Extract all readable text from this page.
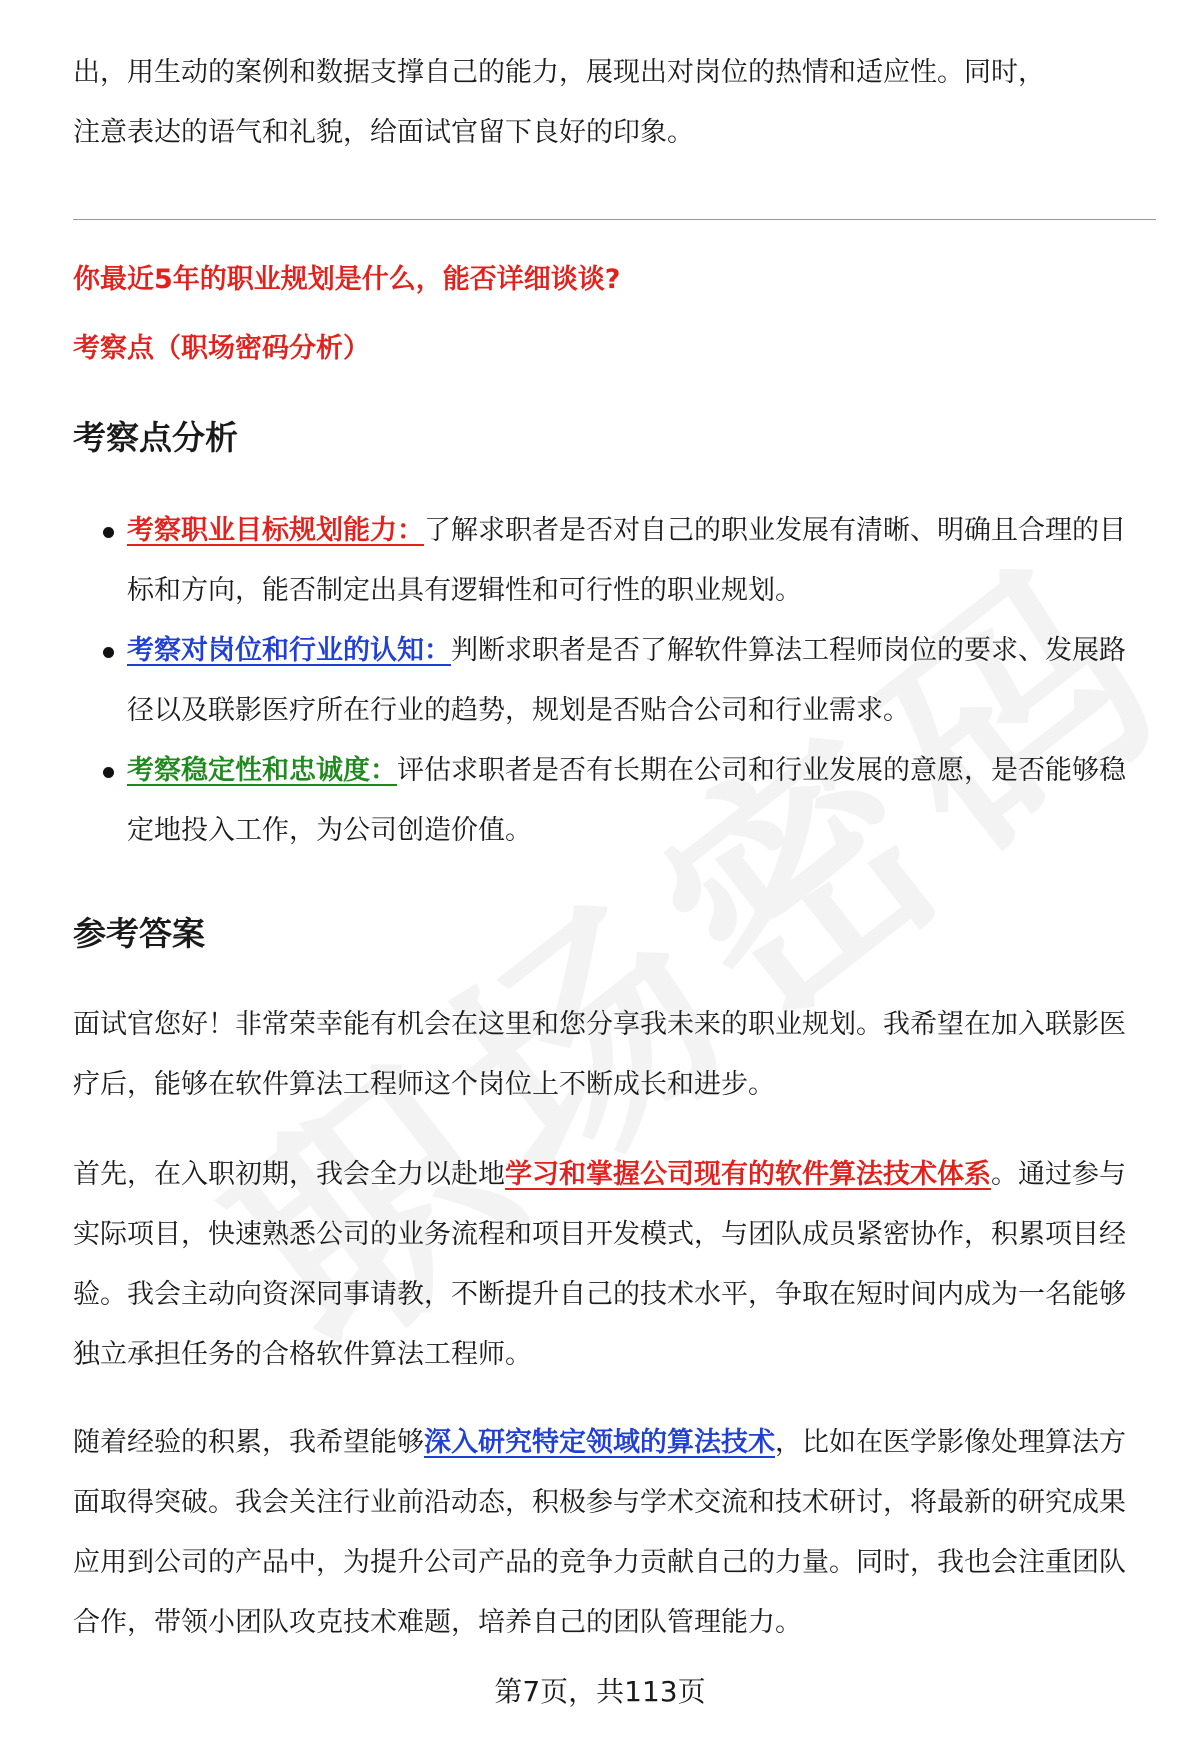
出，用生动的案例和数据支撑自己的能力，展现出对岗位的热情和适应性。同时，
注意表达的语气和礼貌，给面试官留下良好的印象。

你最近5年的职业规划是什么，能否详细谈谈?

考察点（职场密码分析）

考察点分析
考察职业目标规划能力：了解求职者是否对自己的职业发展有清晰、明确且合理的目标和方向，能否制定出具有逻辑性和可行性的职业规划。
考察对岗位和行业的认知：判断求职者是否了解软件算法工程师岗位的要求、发展路径以及联影医疗所在行业的趋势，规划是否贴合公司和行业需求。
考察稳定性和忠诚度：评估求职者是否有长期在公司和行业发展的意愿，是否能够稳定地投入工作，为公司创造价值。
参考答案

面试官您好！非常荣幸能有机会在这里和您分享我未来的职业规划。我希望在加入联影医疗后，能够在软件算法工程师这个岗位上不断成长和进步。

首先，在入职初期，我会全力以赴地学习和掌握公司现有的软件算法技术体系。通过参与实际项目，快速熟悉公司的业务流程和项目开发模式，与团队成员紧密协作，积累项目经验。我会主动向资深同事请教，不断提升自己的技术水平，争取在短时间内成为一名能够独立承担任务的合格软件算法工程师。

随着经验的积累，我希望能够深入研究特定领域的算法技术，比如在医学影像处理算法方面取得突破。我会关注行业前沿动态，积极参与学术交流和技术研讨，将最新的研究成果应用到公司的产品中，为提升公司产品的竞争力贡献自己的力量。同时，我也会注重团队合作，带领小团队攻克技术难题，培养自己的团队管理能力。

第7页，共113页
